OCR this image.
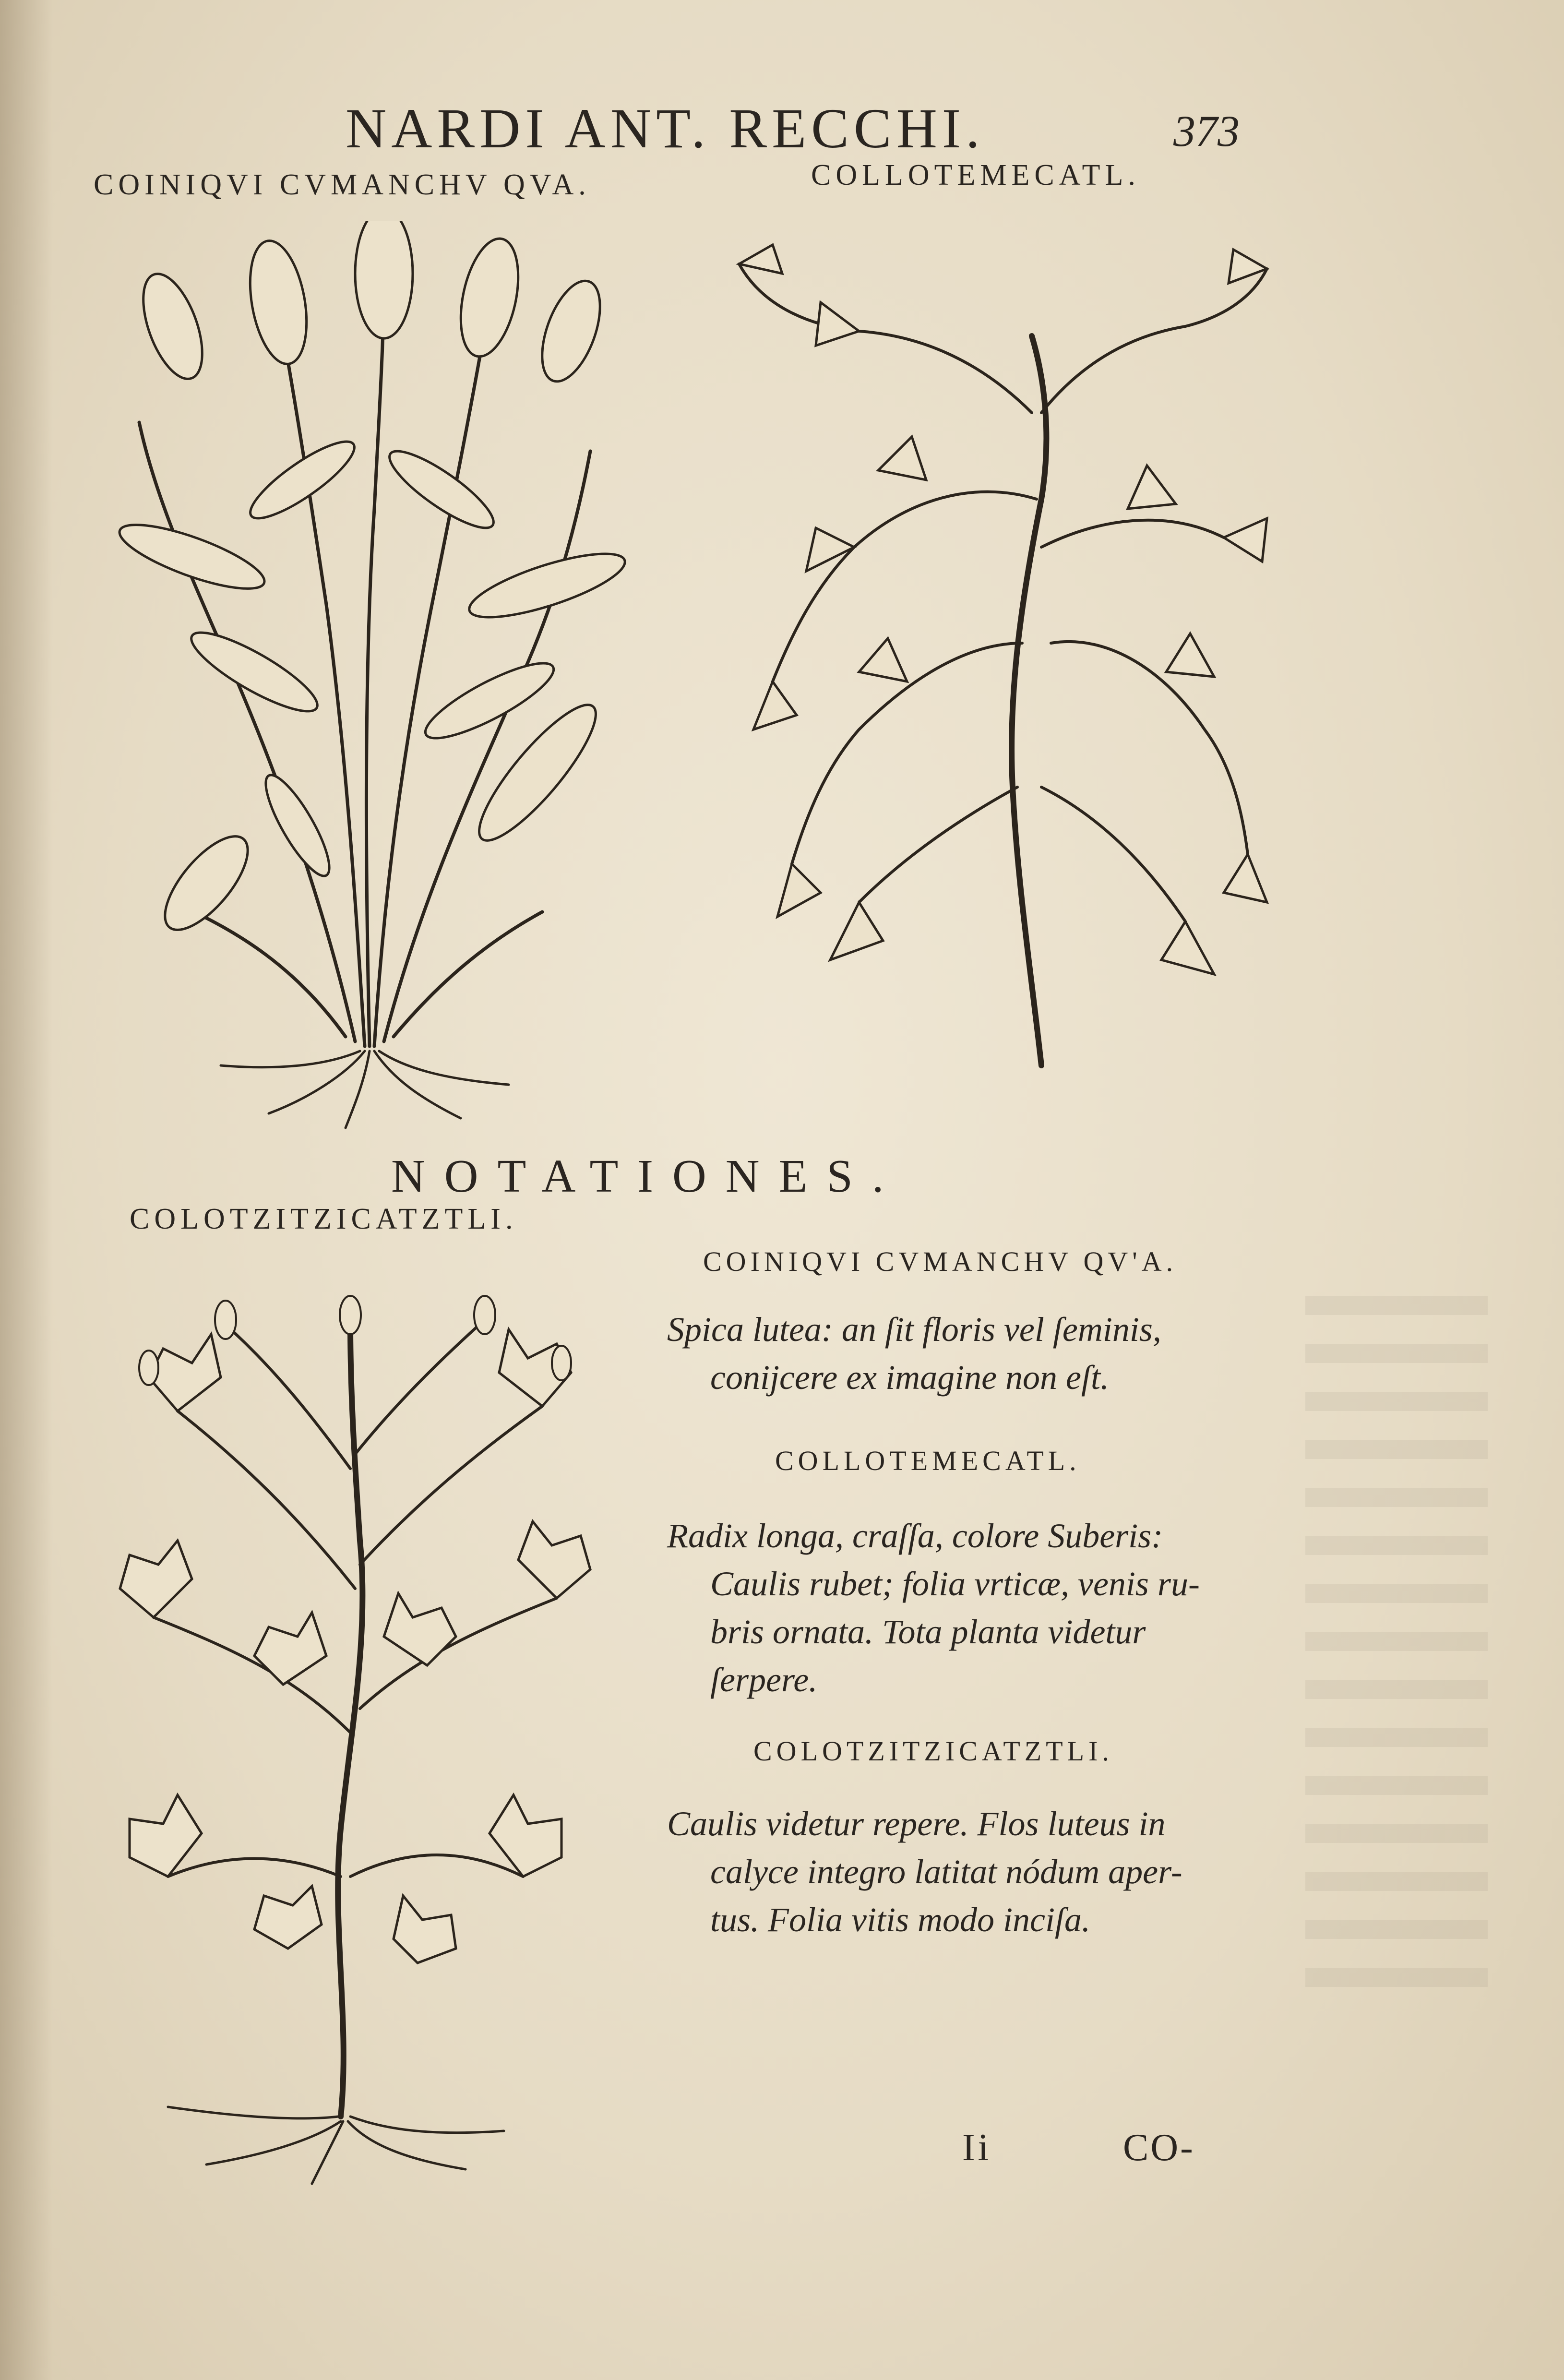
NARDI ANT. RECCHI.	373
COINIQVI CVMANCHV QVA.	COLLOTEMECATL.
COLOTZITZICATZTLI.
NOTATIONES.
COINIQVI CVMANCHV QV'A.
Spica lutea: an ſit floris vel ſeminis,
conijcere ex imagine non eſt.
COLLOTEMECATL.
Radix longa, craſſa, colore Suberis:
Caulis rubet; folia vrticæ, venis ru-
bris ornata. Tota planta videtur
ſerpere.
COLOTZITZICATZTLI.
Caulis videtur repere. Flos luteus in
calyce integro latitat nódum aper-
tus. Folia vitis modo inciſa.
Ii	CO-
